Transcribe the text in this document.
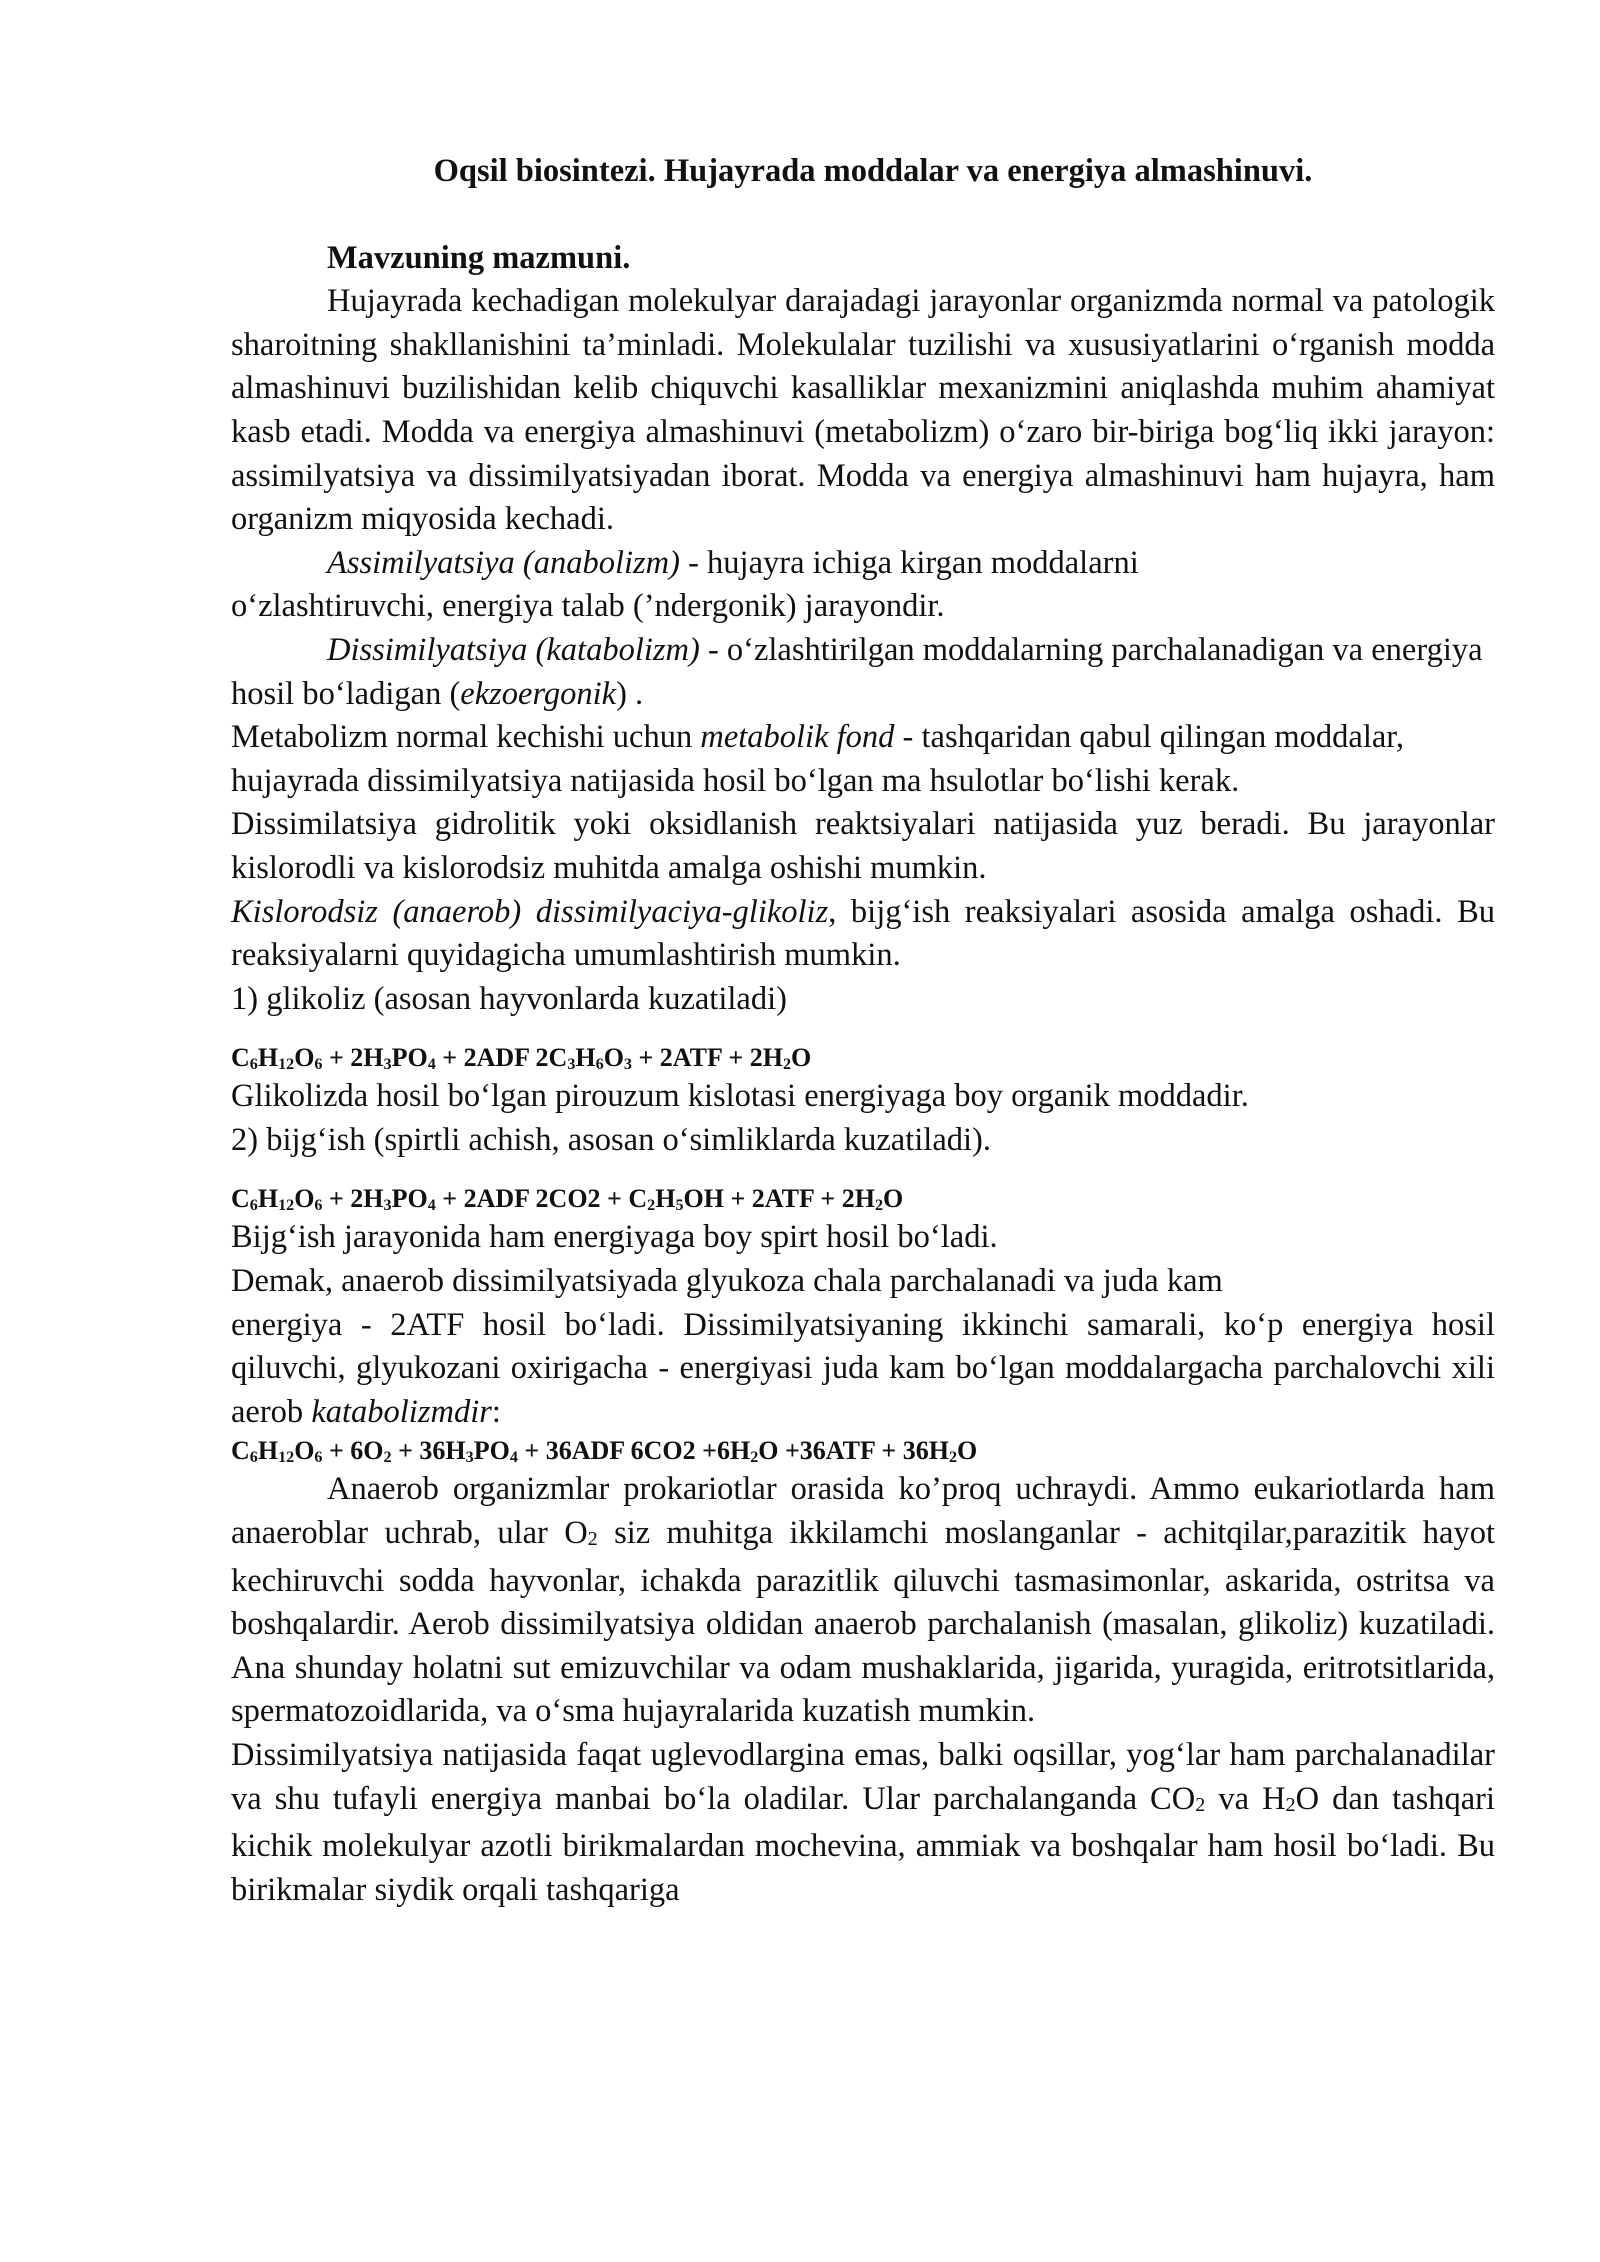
Oqsil biosintezi. Hujayrada moddalar va energiya almashinuvi.

Mavzuning mazmuni.

Hujayrada kechadigan molekulyar darajadagi jarayonlar organizmda normal va patologik sharoitning shakllanishini ta’minladi. Molekulalar tuzilishi va xususiyatlarini o‘rganish modda almashinuvi buzilishidan kelib chiquvchi kasalliklar mexanizmini aniqlashda muhim ahamiyat kasb etadi. Modda va energiya almashinuvi (metabolizm) o‘zaro bir-biriga bog‘liq ikki jarayon: assimilyatsiya va dissimilyatsiyadan iborat. Modda va energiya almashinuvi ham hujayra, ham organizm miqyosida kechadi.

Assimilyatsiya (anabolizm) - hujayra ichiga kirgan moddalarni

o‘zlashtiruvchi, energiya talab (’ndergonik) jarayondir.

Dissimilyatsiya (katabolizm) - o‘zlashtirilgan moddalarning parchalanadigan va energiya hosil bo‘ladigan (ekzoergonik) .

Metabolizm normal kechishi uchun metabolik fond - tashqaridan qabul qilingan moddalar, hujayrada dissimilyatsiya natijasida hosil bo‘lgan ma hsulotlar bo‘lishi kerak.

Dissimilatsiya gidrolitik yoki oksidlanish reaktsiyalari natijasida yuz beradi. Bu jarayonlar kislorodli va kislorodsiz muhitda amalga oshishi mumkin.

Kislorodsiz (anaerob) dissimilyaciya-glikoliz, bijg‘ish reaksiyalari asosida amalga oshadi. Bu reaksiyalarni quyidagicha umumlashtirish mumkin.

1) glikoliz (asosan hayvonlarda kuzatiladi)

$C_6H_{12}O_6 + 2H_3PO_4 + 2ADF$ $2C_3H_6O_3 + 2ATF + 2H_2O$

Glikolizda hosil bo‘lgan pirouzum kislotasi energiyaga boy organik moddadir.

2) bijg‘ish (spirtli achish, asosan o‘simliklarda kuzatiladi).

$C_6H_{12}O_6 + 2H_3PO_4 + 2ADF$ $2CO2 + C_2H_5OH + 2ATF + 2H_2O$

Bijg‘ish jarayonida ham energiyaga boy spirt hosil bo‘ladi.

Demak, anaerob dissimilyatsiyada glyukoza chala parchalanadi va juda kam

energiya - 2ATF hosil bo‘ladi. Dissimilyatsiyaning ikkinchi samarali, ko‘p energiya hosil qiluvchi, glyukozani oxirigacha - energiyasi juda kam bo‘lgan moddalargacha parchalovchi xili aerob katabolizmdir:

$C_6H_{12}O_6 + 6O_2 + 36H_3PO_4 + 36ADF$ $6CO2 +6H_2O +36ATF + 36H_2O$

Anaerob organizmlar prokariotlar orasida ko’proq uchraydi. Ammo eukariotlarda ham anaeroblar uchrab, ular O2 siz muhitga ikkilamchi moslanganlar - achitqilar,parazitik hayot kechiruvchi sodda hayvonlar, ichakda parazitlik qiluvchi tasmasimonlar, askarida, ostritsa va boshqalardir. Aerob dissimilyatsiya oldidan anaerob parchalanish (masalan, glikoliz) kuzatiladi. Ana shunday holatni sut emizuvchilar va odam mushaklarida, jigarida, yuragida, eritrotsitlarida, spermatozoidlarida, va o‘sma hujayralarida kuzatish mumkin.

Dissimilyatsiya natijasida faqat uglevodlargina emas, balki oqsillar, yog‘lar ham parchalanadilar va shu tufayli energiya manbai bo‘la oladilar. Ular parchalanganda CO2 va H2O dan tashqari kichik molekulyar azotli birikmalardan mochevina, ammiak va boshqalar ham hosil bo‘ladi. Bu birikmalar siydik orqali tashqariga
